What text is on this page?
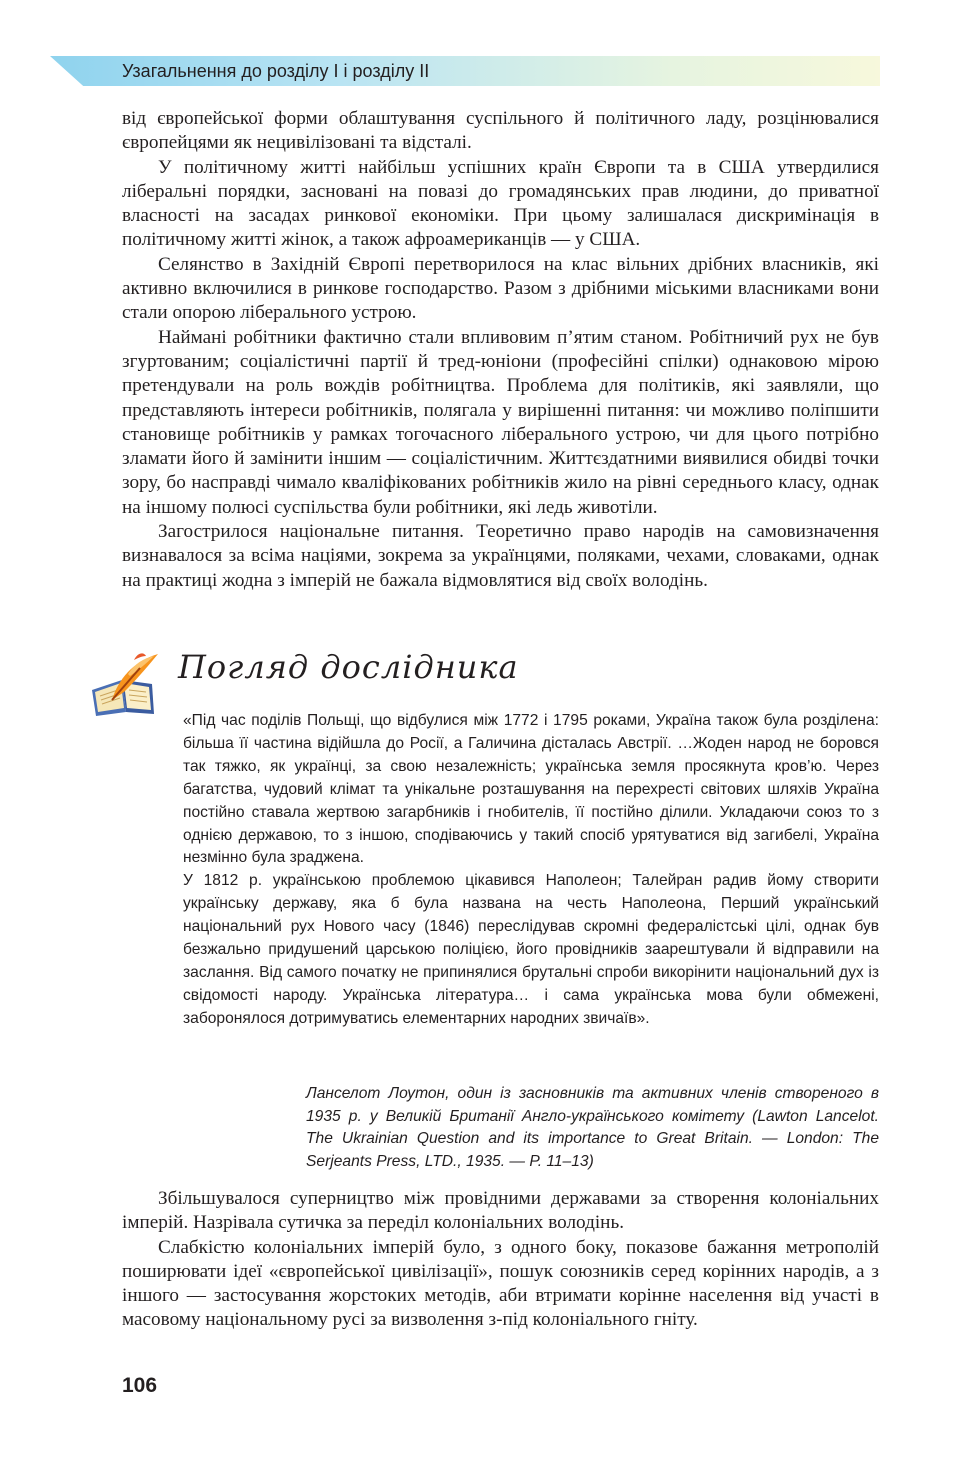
Узагальнення до розділу І і розділу ІІ

від європейської форми облаштування суспільного й політичного ладу, розцінювалися європейцями як нецивілізовані та відсталі.

У політичному житті найбільш успішних країн Європи та в США утвердилися ліберальні порядки, засновані на повазі до громадянських прав людини, до приватної власності на засадах ринкової економіки. При цьому залишалася дискримінація в політичному житті жінок, а також афроамериканців — у США.

Селянство в Західній Європі перетворилося на клас вільних дрібних власників, які активно включилися в ринкове господарство. Разом з дрібними міськими власниками вони стали опорою ліберального устрою.

Наймані робітники фактично стали впливовим п’ятим станом. Робітничий рух не був згуртованим; соціалістичні партії й тред-юніони (професійні спілки) однаковою мірою претендували на роль вождів робітництва. Проблема для політиків, які заявляли, що представляють інтереси робітників, полягала у вирішенні питання: чи можливо поліпшити становище робітників у рамках тогочасного ліберального устрою, чи для цього потрібно зламати його й замінити іншим — соціалістичним. Життєздатними виявилися обидві точки зору, бо насправді чимало кваліфікованих робітників жило на рівні середнього класу, однак на іншому полюсі суспільства були робітники, які ледь животіли.

Загострилося національне питання. Теоретично право народів на самовизначення визнавалося за всіма націями, зокрема за українцями, поляками, чехами, словаками, однак на практиці жодна з імперій не бажала відмовлятися від своїх володінь.

Погляд дослідника

«Під час поділів Польщі, що відбулися між 1772 і 1795 роками, Україна також була розділена: більша її частина відійшла до Росії, а Галичина дісталась Австрії. …Жоден народ не боровся так тяжко, як українці, за свою незалежність; українська земля просякнута кров’ю. Через багатства, чудовий клімат та унікальне розташування на перехресті світових шляхів Україна постійно ставала жертвою загарбників і гнобителів, її постійно ділили. Укладаючи союз то з однією державою, то з іншою, сподіваючись у такий спосіб урятуватися від загибелі, Україна незмінно була зраджена.

У 1812 р. українською проблемою цікавився Наполеон; Талейран радив йому створити українську державу, яка б була названа на честь Наполеона, Перший український національний рух Нового часу (1846) переслідував скромні федералістські цілі, однак був безжально придушений царською поліцією, його провідників заарештували й відправили на заслання. Від самого початку не припинялися брутальні спроби викорінити національний дух із свідомості народу. Українська література… і сама українська мова були обмежені, заборонялося дотримуватись елементарних народних звичаїв».

Ланселот Лоутон, один із засновників та активних членів створеного в 1935 р. у Великій Британії Англо-українського комітету (Lawton Lancelot. The Ukrainian Question and its importance to Great Britain. — London: The Serjeants Press, LTD., 1935. — P. 11–13)

Збільшувалося суперництво між провідними державами за створення колоніальних імперій. Назрівала сутичка за переділ колоніальних володінь.

Слабкістю колоніальних імперій було, з одного боку, показове бажання метрополій поширювати ідеї «європейської цивілізації», пошук союзників серед корінних народів, а з іншого — застосування жорстоких методів, аби втримати корінне населення від участі в масовому національному русі за визволення з-під колоніального гніту.

106
